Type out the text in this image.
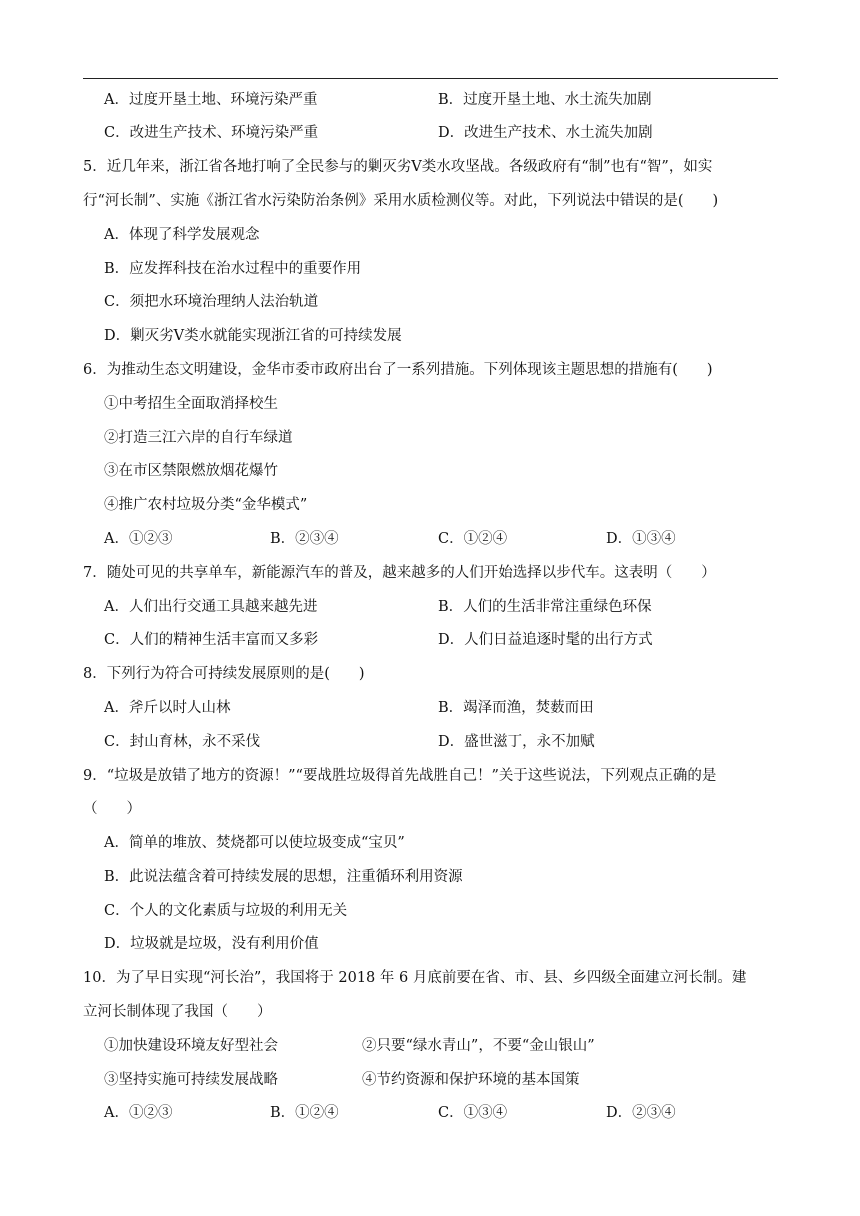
A．过度开垦土地、环境污染严重	B．过度开垦土地、水土流失加剧
C．改进生产技术、环境污染严重	D．改进生产技术、水土流失加剧
5．近几年来，浙江省各地打响了全民参与的剿灭劣Ⅴ类水攻坚战。各级政府有“制”也有“智”，如实
行“河长制”、实施《浙江省水污染防治条例》采用水质检测仪等。对此，下列说法中错误的是(　　)
A．体现了科学发展观念
B．应发挥科技在治水过程中的重要作用
C．须把水环境治理纳人法治轨道
D．剿灭劣Ⅴ类水就能实现浙江省的可持续发展
6．为推动生态文明建设，金华市委市政府出台了一系列措施。下列体现该主题思想的措施有(　　)
①中考招生全面取消择校生
②打造三江六岸的自行车绿道
③在市区禁限燃放烟花爆竹
④推广农村垃圾分类“金华模式”
A．①②③	B．②③④	C．①②④	D．①③④
7．随处可见的共享单车，新能源汽车的普及，越来越多的人们开始选择以步代车。这表明（　　）
A．人们出行交通工具越来越先进	B．人们的生活非常注重绿色环保
C．人们的精神生活丰富而又多彩	D．人们日益追逐时髦的出行方式
8．下列行为符合可持续发展原则的是(　　)
A．斧斤以时人山林	B．竭泽而渔，焚薮而田
C．封山育林，永不采伐	D．盛世滋丁，永不加赋
9．“垃圾是放错了地方的资源！”“要战胜垃圾得首先战胜自己！”关于这些说法，下列观点正确的是
（　　）
A．简单的堆放、焚烧都可以使垃圾变成“宝贝”
B．此说法蕴含着可持续发展的思想，注重循环利用资源
C．个人的文化素质与垃圾的利用无关
D．垃圾就是垃圾，没有利用价值
10．为了早日实现“河长治”，我国将于 2018 年 6 月底前要在省、市、县、乡四级全面建立河长制。建
立河长制体现了我国（　　）
①加快建设环境友好型社会	②只要“绿水青山”，不要“金山银山”
③坚持实施可持续发展战略	④节约资源和保护环境的基本国策
A．①②③	B．①②④	C．①③④	D．②③④
